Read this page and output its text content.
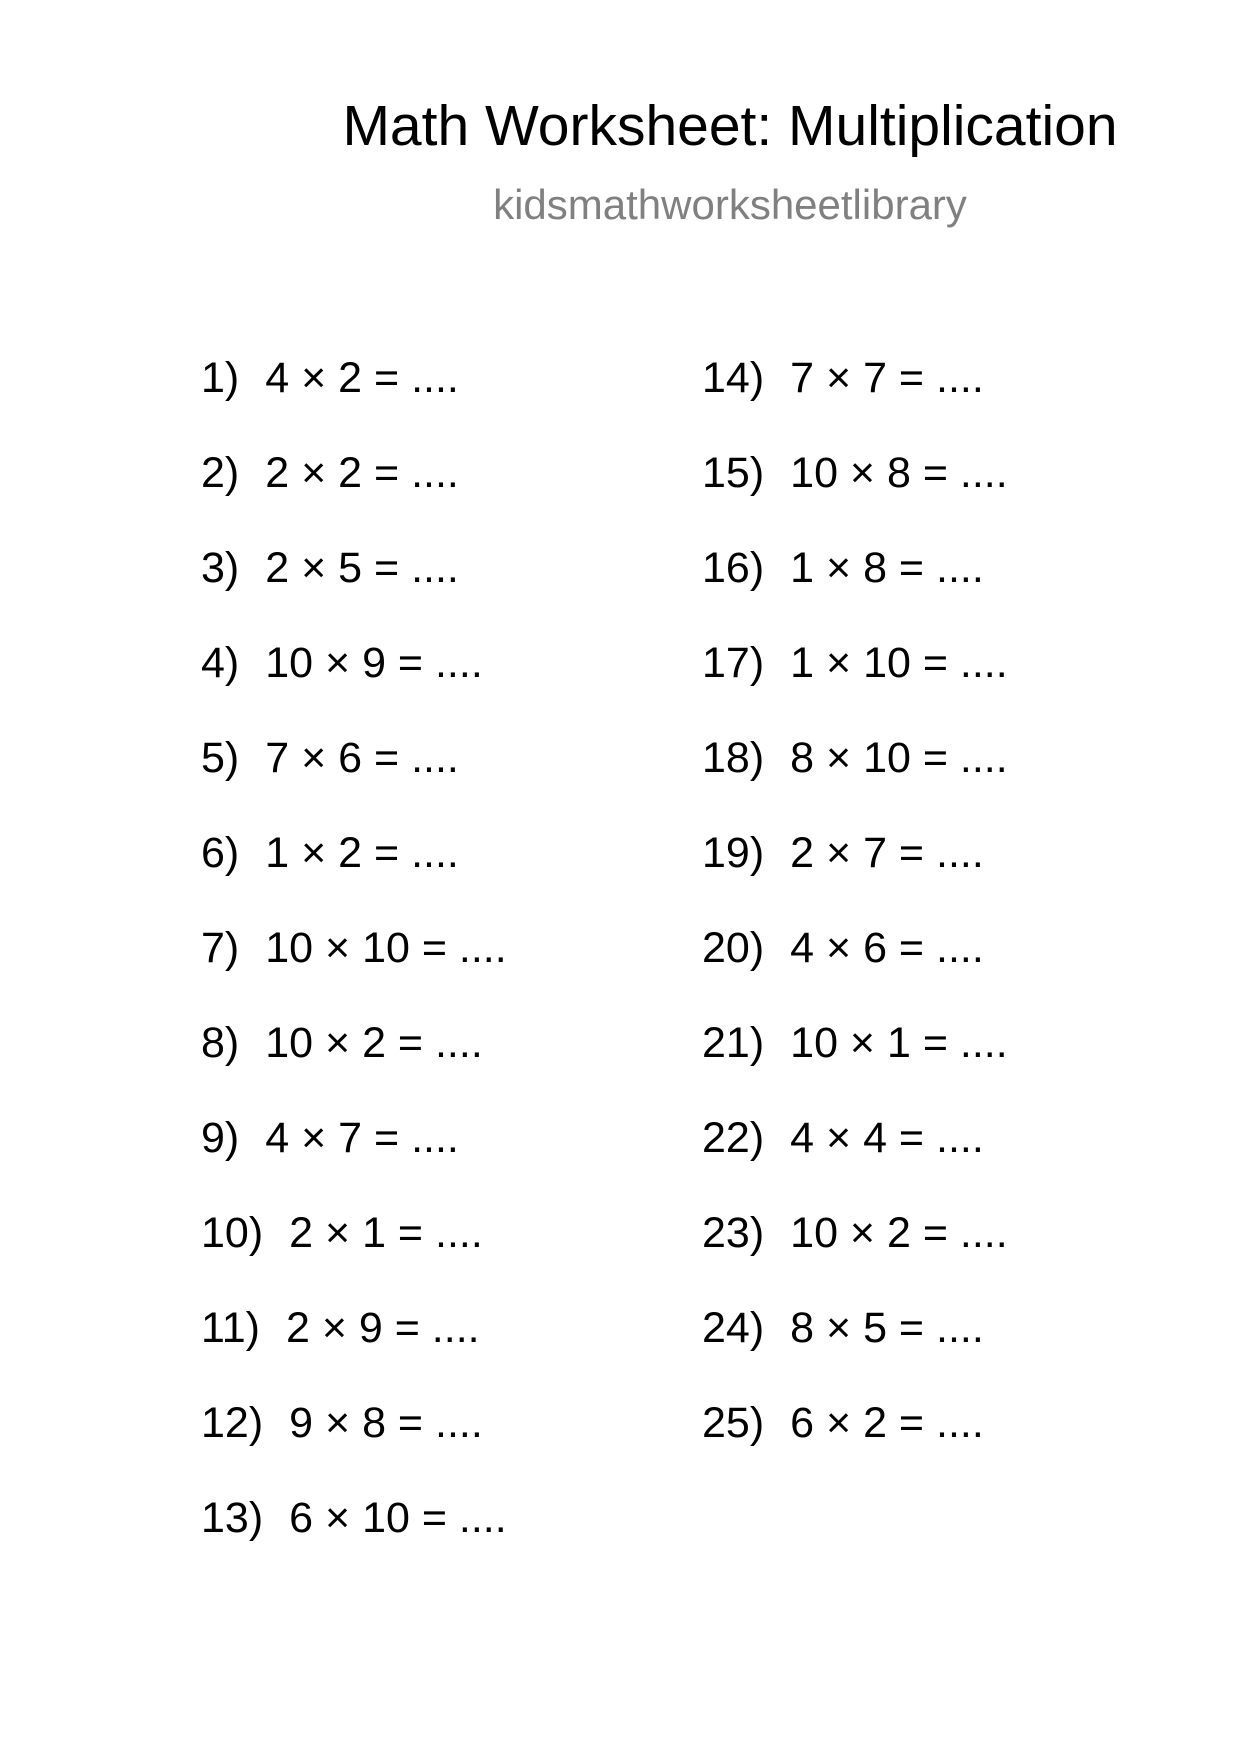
Math Worksheet: Multiplication
kidsmathworksheetlibrary
1) 4 × 2 = ....
2) 2 × 2 = ....
3) 2 × 5 = ....
4) 10 × 9 = ....
5) 7 × 6 = ....
6) 1 × 2 = ....
7) 10 × 10 = ....
8) 10 × 2 = ....
9) 4 × 7 = ....
10) 2 × 1 = ....
11) 2 × 9 = ....
12) 9 × 8 = ....
13) 6 × 10 = ....
14) 7 × 7 = ....
15) 10 × 8 = ....
16) 1 × 8 = ....
17) 1 × 10 = ....
18) 8 × 10 = ....
19) 2 × 7 = ....
20) 4 × 6 = ....
21) 10 × 1 = ....
22) 4 × 4 = ....
23) 10 × 2 = ....
24) 8 × 5 = ....
25) 6 × 2 = ....
